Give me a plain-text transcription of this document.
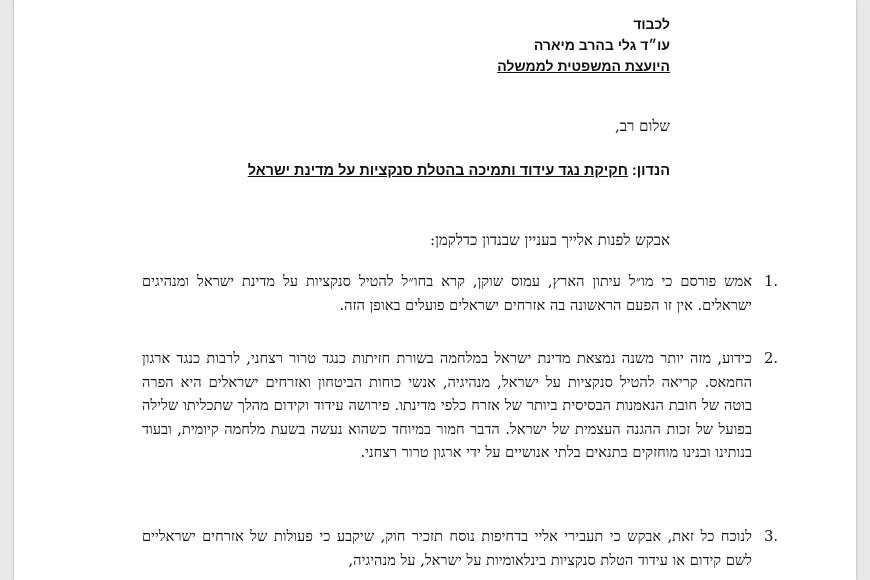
לכבוד
עו״ד גלי בהרב מיארה
היועצת המשפטית לממשלה
שלום רב,
הנדון: חקיקת נגד עידוד ותמיכה בהטלת סנקציות על מדינת ישראל
אבקש לפנות אלייך בעניין שבנדון כדלקמן:
1.
אמש פורסם כי מו״ל עיתון הארץ, עמוס שוקן, קרא בחו״ל להטיל סנקציות על מדינת ישראל ומנהיגים ישראלים. אין זו הפעם הראשונה בה אזרחים ישראלים פועלים באופן הזה.
2.
כידוע, מזה יותר משנה נמצאת מדינת ישראל במלחמה בשורת חזיתות כנגד טרור רצחני, לרבות כנגד ארגון החמאס. קריאה להטיל סנקציות על ישראל, מנהיגיה, אנשי כוחות הביטחון ואזרחים ישראלים היא הפרה בוטה של חובת הנאמנות הבסיסית ביותר של אזרח כלפי מדינתו. פירושה עידוד וקידום מהלך שתכליתו שלילה בפועל של זכות ההגנה העצמית של ישראל. הדבר חמור במיוחד כשהוא נעשה בשעת מלחמה קיומית, ובעוד בנותינו ובנינו מוחזקים בתנאים בלתי אנושיים על ידי ארגון טרור רצחני.
3.
לנוכח כל זאת, אבקש כי תעבירי אליי בדחיפות נוסח תזכיר חוק, שיקבע כי פעולות של אזרחים ישראליים לשם קידום או עידוד הטלת סנקציות בינלאומיות על ישראל, על מנהיגיה,
